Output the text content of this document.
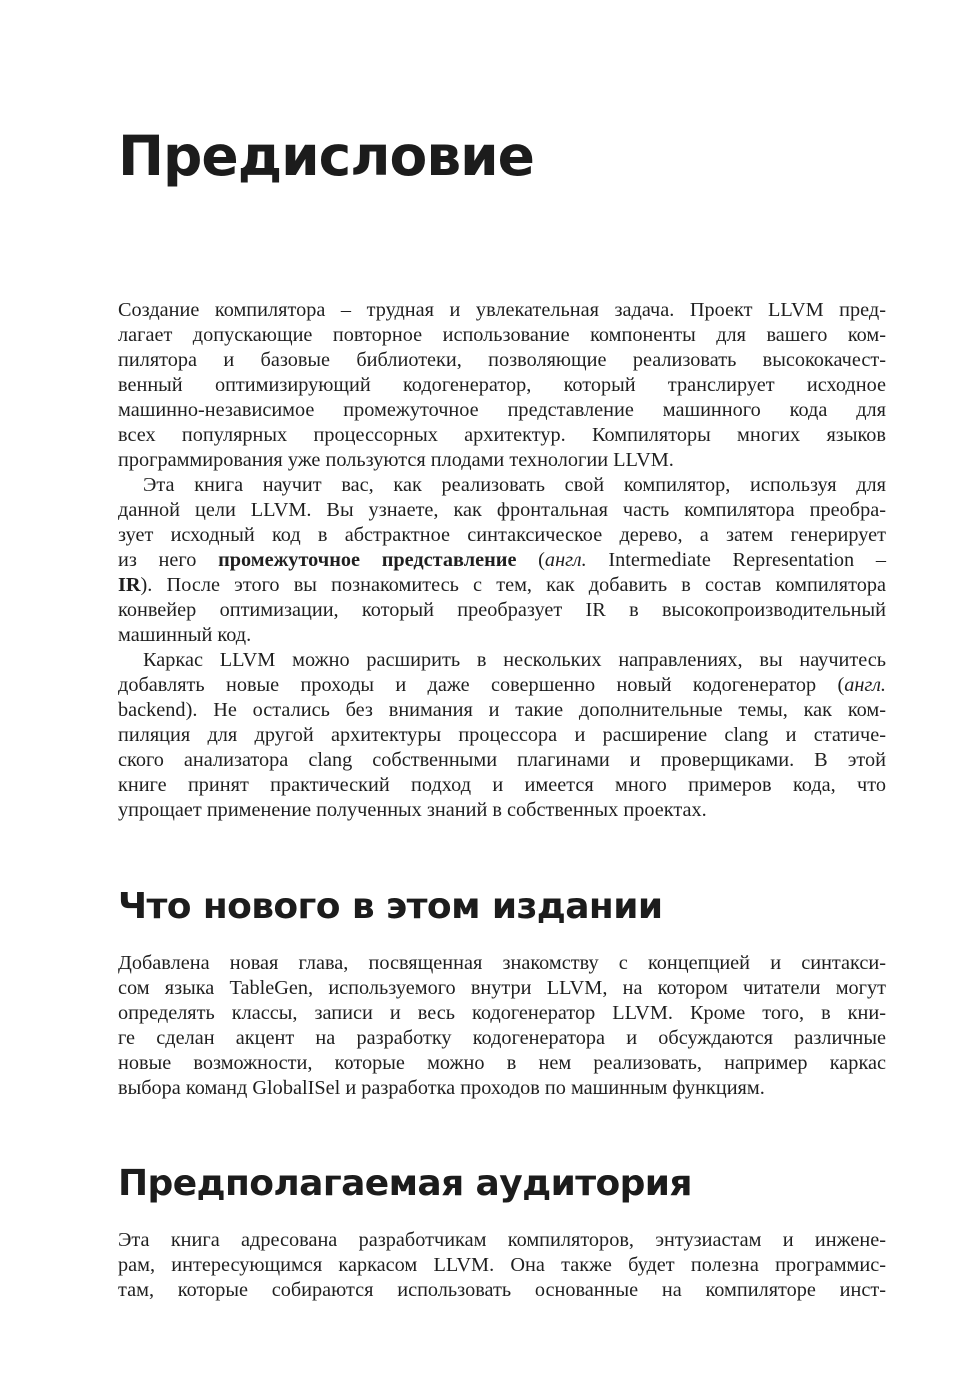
Предисловие
Создание компилятора – трудная и увлекательная задача. Проект LLVM пред-
лагает допускающие повторное использование компоненты для вашего ком-
пилятора и базовые библиотеки, позволяющие реализовать высококачест-
венный оптимизирующий кодогенератор, который транслирует исходное
машинно-независимое промежуточное представление машинного кода для
всех популярных процессорных архитектур. Компиляторы многих языков
программирования уже пользуются плодами технологии LLVM.
Эта книга научит вас, как реализовать свой компилятор, используя для
данной цели LLVM. Вы узнаете, как фронтальная часть компилятора преобра-
зует исходный код в абстрактное синтаксическое дерево, а затем генерирует
из него промежуточное представление (англ. Intermediate Representation –
IR). После этого вы познакомитесь с тем, как добавить в состав компилятора
конвейер оптимизации, который преобразует IR в высокопроизводительный
машинный код.
Каркас LLVM можно расширить в нескольких направлениях, вы научитесь
добавлять новые проходы и даже совершенно новый кодогенератор (англ.
backend). Не остались без внимания и такие дополнительные темы, как ком-
пиляция для другой архитектуры процессора и расширение clang и статиче-
ского анализатора clang собственными плагинами и проверщиками. В этой
книге принят практический подход и имеется много примеров кода, что
упрощает применение полученных знаний в собственных проектах.
Что нового в этом издании
Добавлена новая глава, посвященная знакомству с концепцией и синтакси-
сом языка TableGen, используемого внутри LLVM, на котором читатели могут
определять классы, записи и весь кодогенератор LLVM. Кроме того, в кни-
ге сделан акцент на разработку кодогенератора и обсуждаются различные
новые возможности, которые можно в нем реализовать, например каркас
выбора команд GlobalISel и разработка проходов по машинным функциям.
Предполагаемая аудитория
Эта книга адресована разработчикам компиляторов, энтузиастам и инжене-
рам, интересующимся каркасом LLVM. Она также будет полезна программис-
там, которые собираются использовать основанные на компиляторе инст-
